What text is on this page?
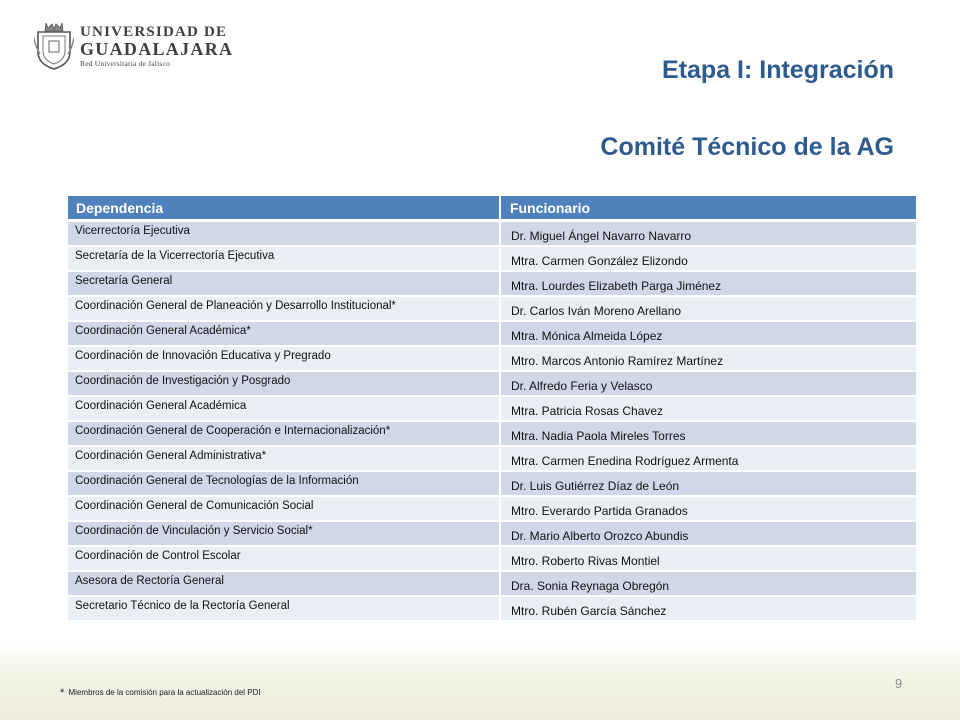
UNIVERSIDAD DE
GUADALAJARA
Red Universitaria de Jalisco	Etapa I: Integración
Comité Técnico de la AG
Dependencia	Funcionario
Vicerrectoría Ejecutiva	Dr. Miguel Ángel Navarro Navarro
Secretaría de la Vicerrectoría Ejecutiva	Mtra. Carmen González Elizondo
Secretaría General	Mtra. Lourdes Elizabeth Parga Jiménez
Coordinación General de Planeación y Desarrollo Institucional*	Dr. Carlos Iván Moreno Arellano
Coordinación General Académica*	Mtra. Mónica Almeida López
Coordinación de Innovación Educativa y Pregrado	Mtro. Marcos Antonio Ramírez Martínez
Coordinación de Investigación y Posgrado	Dr. Alfredo Feria y Velasco
Coordinación General Académica	Mtra. Patricia Rosas Chavez
Coordinación General de Cooperación e Internacionalización*	Mtra. Nadia Paola Mireles Torres
Coordinación General Administrativa*	Mtra. Carmen Enedina Rodríguez Armenta
Coordinación General de Tecnologías de la Información	Dr. Luis Gutiérrez Díaz de León
Coordinación General de Comunicación Social	Mtro. Everardo Partida Granados
Coordinación de Vinculación y Servicio Social*	Dr. Mario Alberto Orozco Abundis
Coordinación de Control Escolar	Mtro. Roberto Rivas Montiel
Asesora de Rectoría General	Dra. Sonia Reynaga Obregón
Secretario Técnico de la Rectoría General	Mtro. Rubén García Sánchez
* Miembros de la comisión para la actualización del PDI
9
